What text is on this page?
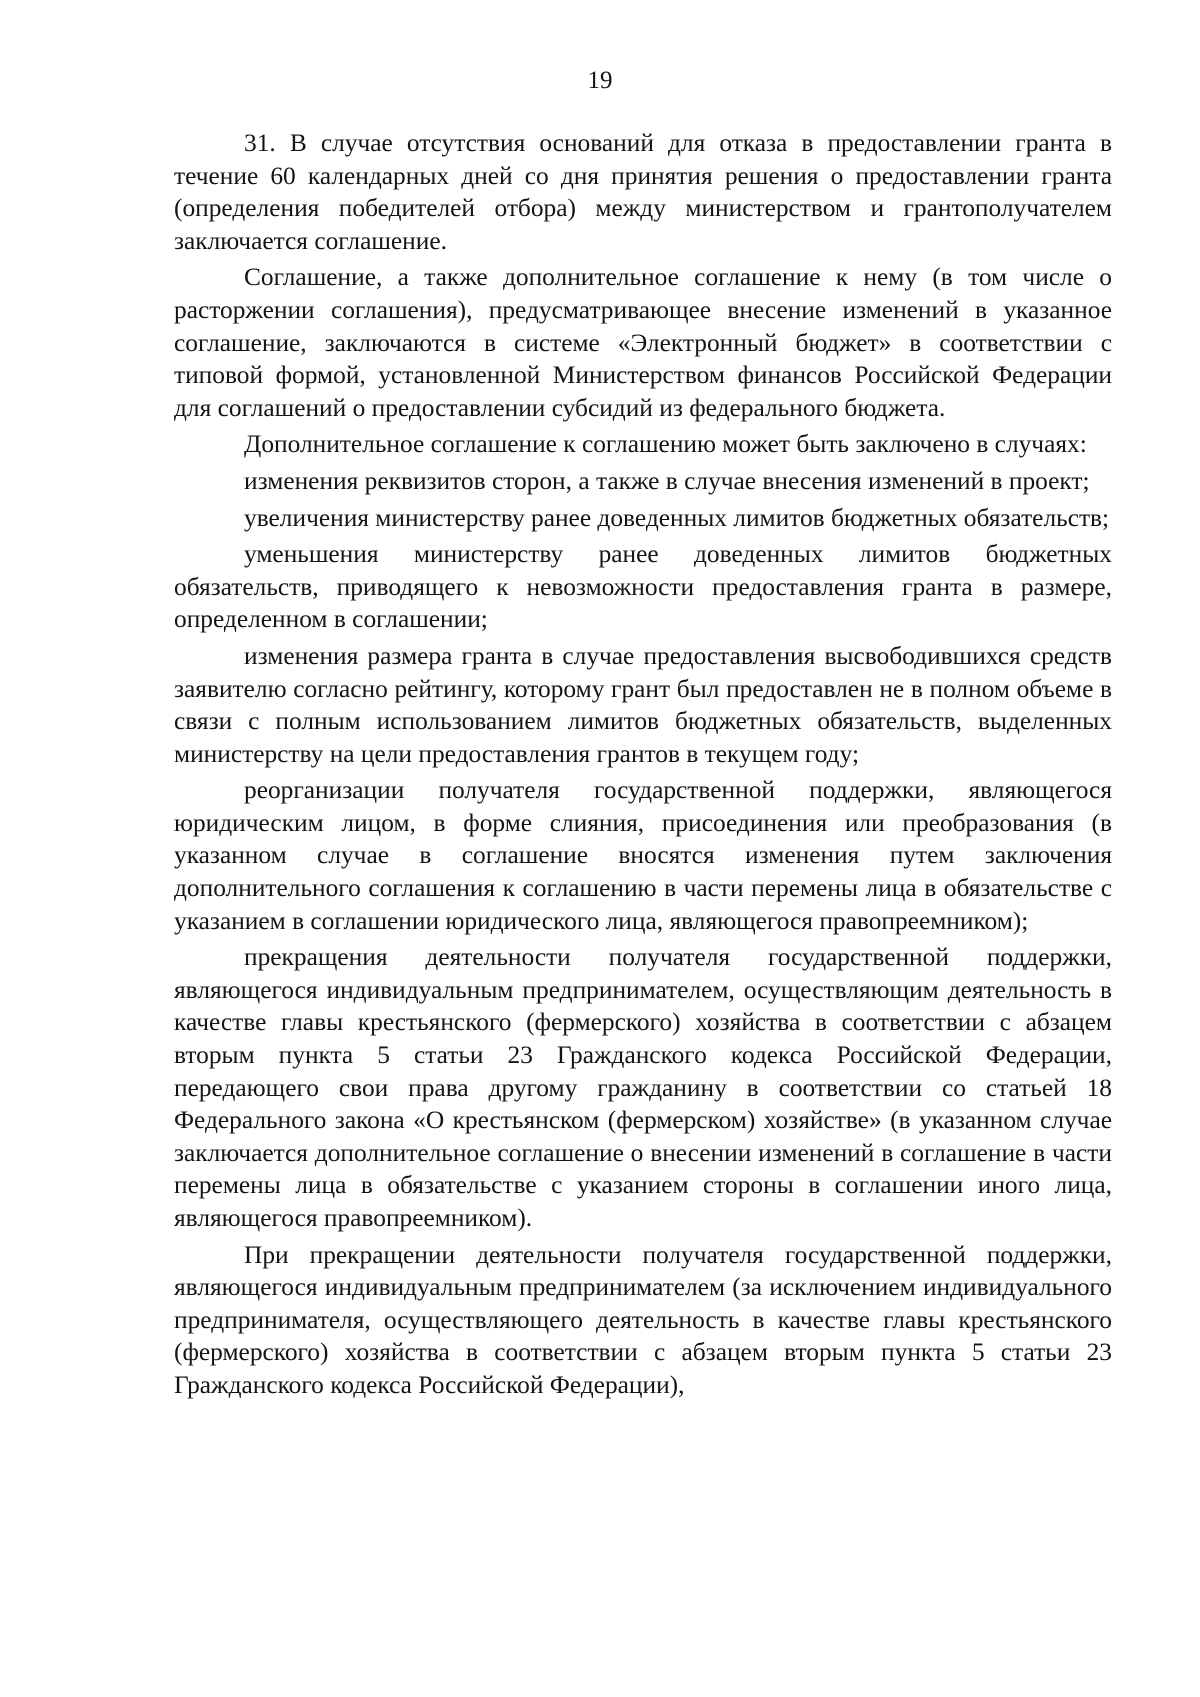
19

31. В случае отсутствия оснований для отказа в предоставлении гранта в течение 60 календарных дней со дня принятия решения о предоставлении гранта (определения победителей отбора) между министерством и грантополучателем заключается соглашение.

Соглашение, а также дополнительное соглашение к нему (в том числе о расторжении соглашения), предусматривающее внесение изменений в указанное соглашение, заключаются в системе «Электронный бюджет» в соответствии с типовой формой, установленной Министерством финансов Российской Федерации для соглашений о предоставлении субсидий из федерального бюджета.

Дополнительное соглашение к соглашению может быть заключено в случаях:

изменения реквизитов сторон, а также в случае внесения изменений в проект;

увеличения министерству ранее доведенных лимитов бюджетных обязательств;

уменьшения министерству ранее доведенных лимитов бюджетных обязательств, приводящего к невозможности предоставления гранта в размере, определенном в соглашении;

изменения размера гранта в случае предоставления высвободившихся средств заявителю согласно рейтингу, которому грант был предоставлен не в полном объеме в связи с полным использованием лимитов бюджетных обязательств, выделенных министерству на цели предоставления грантов в текущем году;

реорганизации получателя государственной поддержки, являющегося юридическим лицом, в форме слияния, присоединения или преобразования (в указанном случае в соглашение вносятся изменения путем заключения дополнительного соглашения к соглашению в части перемены лица в обязательстве с указанием в соглашении юридического лица, являющегося правопреемником);

прекращения деятельности получателя государственной поддержки, являющегося индивидуальным предпринимателем, осуществляющим деятельность в качестве главы крестьянского (фермерского) хозяйства в соответствии с абзацем вторым пункта 5 статьи 23 Гражданского кодекса Российской Федерации, передающего свои права другому гражданину в соответствии со статьей 18 Федерального закона «О крестьянском (фермерском) хозяйстве» (в указанном случае заключается дополнительное соглашение о внесении изменений в соглашение в части перемены лица в обязательстве с указанием стороны в соглашении иного лица, являющегося правопреемником).

При прекращении деятельности получателя государственной поддержки, являющегося индивидуальным предпринимателем (за исключением индивидуального предпринимателя, осуществляющего деятельность в качестве главы крестьянского (фермерского) хозяйства в соответствии с абзацем вторым пункта 5 статьи 23 Гражданского кодекса Российской Федерации),
